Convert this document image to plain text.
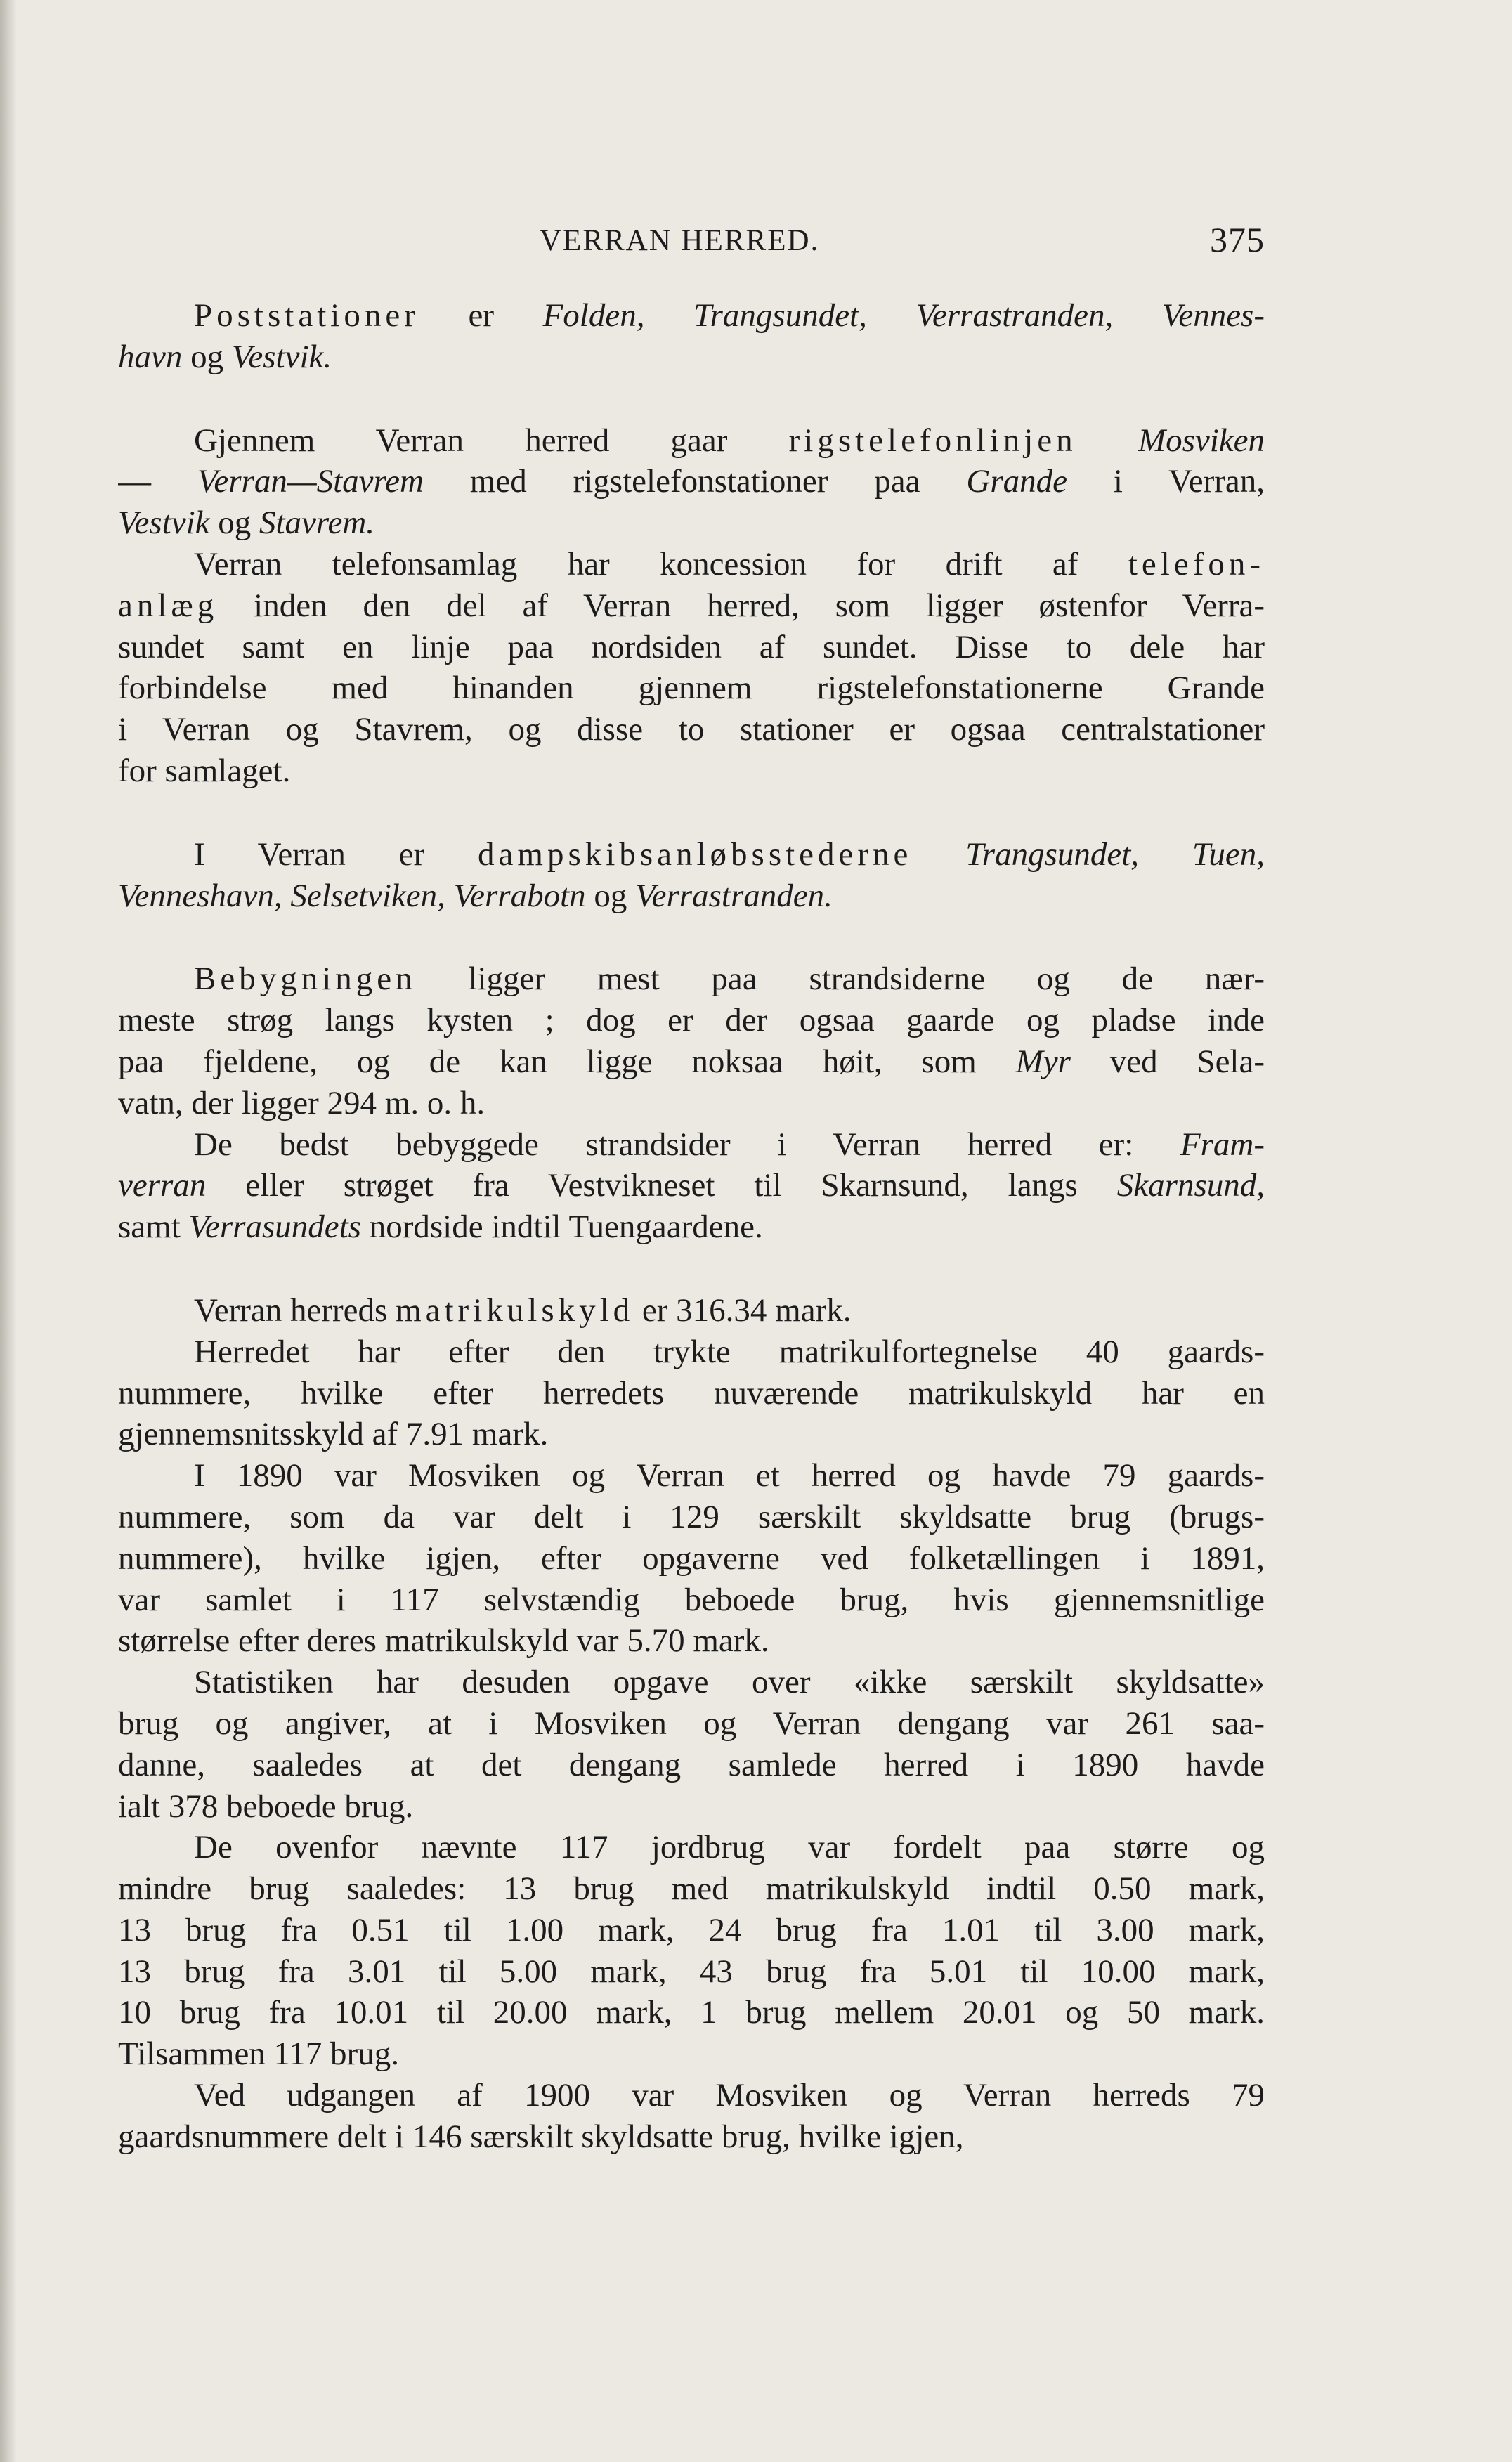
VERRAN HERRED.	375
Poststationer er Folden, Trangsundet, Verrastranden, Vennes-
havn og Vestvik.
Gjennem Verran herred gaar rigstelefonlinjen Mosviken
— Verran—Stavrem med rigstelefonstationer paa Grande i Verran,
Vestvik og Stavrem.
Verran telefonsamlag har koncession for drift af telefon-
anlæg inden den del af Verran herred, som ligger østenfor Verra-
sundet samt en linje paa nordsiden af sundet. Disse to dele har
forbindelse med hinanden gjennem rigstelefonstationerne Grande
i Verran og Stavrem, og disse to stationer er ogsaa centralstationer
for samlaget.
I Verran er dampskibsanløbsstederne Trangsundet, Tuen,
Venneshavn, Selsetviken, Verrabotn og Verrastranden.
Bebygningen ligger mest paa strandsiderne og de nær-
meste strøg langs kysten ; dog er der ogsaa gaarde og pladse inde
paa fjeldene, og de kan ligge noksaa høit, som Myr ved Sela-
vatn, der ligger 294 m. o. h.
De bedst bebyggede strandsider i Verran herred er: Fram-
verran eller strøget fra Vestvikneset til Skarnsund, langs Skarnsund,
samt Verrasundets nordside indtil Tuengaardene.
Verran herreds matrikulskyld er 316.34 mark.
Herredet har efter den trykte matrikulfortegnelse 40 gaards-
nummere, hvilke efter herredets nuværende matrikulskyld har en
gjennemsnitsskyld af 7.91 mark.
I 1890 var Mosviken og Verran et herred og havde 79 gaards-
nummere, som da var delt i 129 særskilt skyldsatte brug (brugs-
nummere), hvilke igjen, efter opgaverne ved folketællingen i 1891,
var samlet i 117 selvstændig beboede brug, hvis gjennemsnitlige
størrelse efter deres matrikulskyld var 5.70 mark.
Statistiken har desuden opgave over «ikke særskilt skyldsatte»
brug og angiver, at i Mosviken og Verran dengang var 261 saa-
danne, saaledes at det dengang samlede herred i 1890 havde
ialt 378 beboede brug.
De ovenfor nævnte 117 jordbrug var fordelt paa større og
mindre brug saaledes: 13 brug med matrikulskyld indtil 0.50 mark,
13 brug fra 0.51 til 1.00 mark, 24 brug fra 1.01 til 3.00 mark,
13 brug fra 3.01 til 5.00 mark, 43 brug fra 5.01 til 10.00 mark,
10 brug fra 10.01 til 20.00 mark, 1 brug mellem 20.01 og 50 mark.
Tilsammen 117 brug.
Ved udgangen af 1900 var Mosviken og Verran herreds 79
gaardsnummere delt i 146 særskilt skyldsatte brug, hvilke igjen,
